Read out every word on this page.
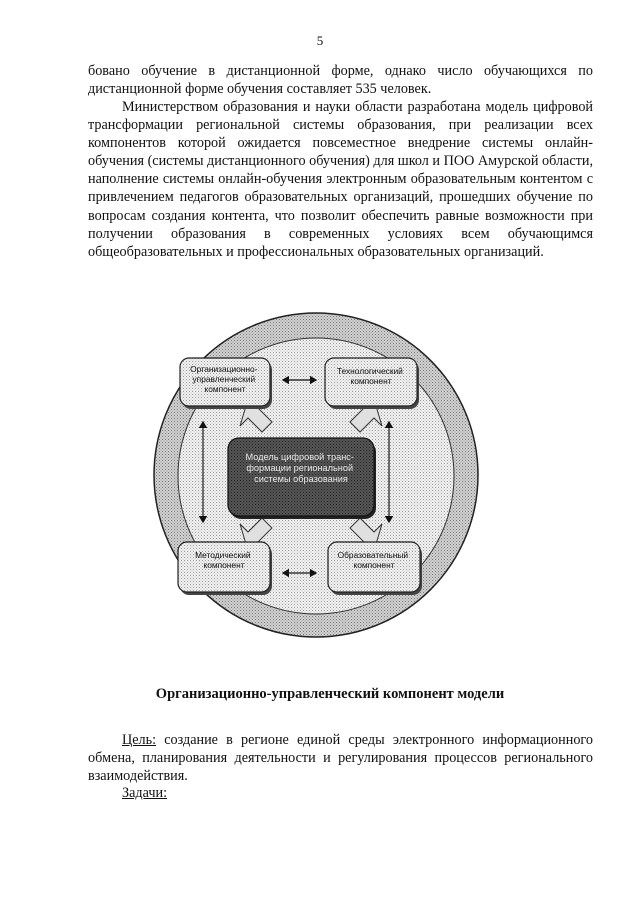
5
бовано обучение в дистанционной форме, однако число обучающихся по дистанционной форме обучения составляет 535 человек.
Министерством образования и науки области разработана модель цифровой трансформации региональной системы образования, при реализации всех компонентов которой ожидается повсеместное внедрение системы онлайн-обучения (системы дистанционного обучения) для школ и ПОО Амурской области, наполнение системы онлайн-обучения электронным образовательным контентом с привлечением педагогов образовательных организаций, прошедших обучение по вопросам создания контента, что позволит обеспечить равные возможности при получении образования в современных условиях всем обучающимся общеобразовательных и профессиональных образовательных организаций.
Организационно- управленческий компонент
Технологический компонент
Модель цифровой транс- формации региональной системы образования
Методический компонент
Образовательный компонент
Организационно-управленческий компонент модели
Цель: создание в регионе единой среды электронного информационного обмена, планирования деятельности и регулирования процессов регионального взаимодействия.
Задачи:
